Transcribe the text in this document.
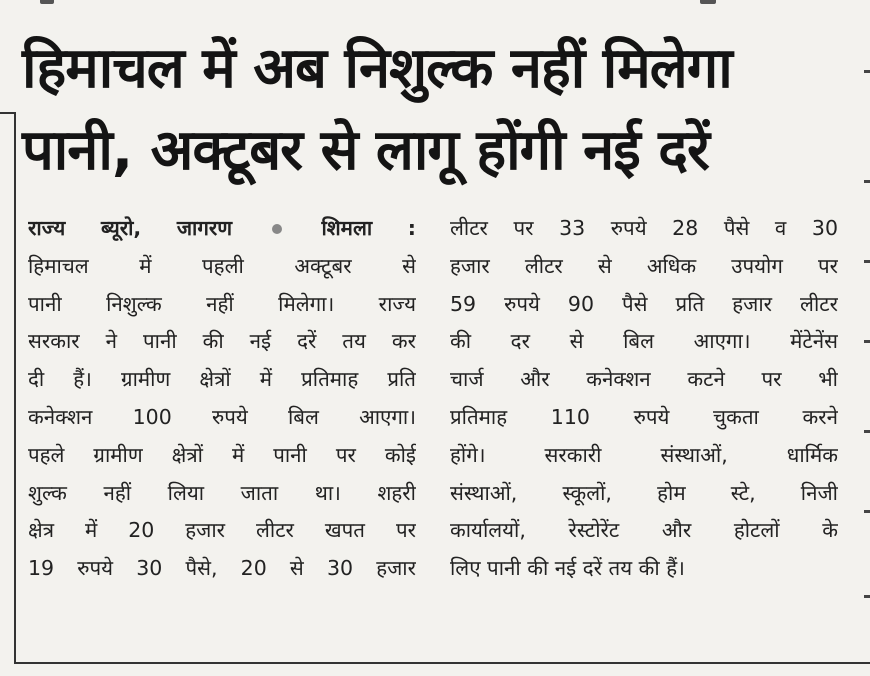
हिमाचल में अब निशुल्क नहीं मिलेगा
पानी, अक्टूबर से लागू होंगी नई दरें
राज्य ब्यूरो, जागरण	शिमला :
हिमाचल में पहली अक्टूबर से
पानी निशुल्क नहीं मिलेगा। राज्य
सरकार ने पानी की नई दरें तय कर
दी हैं। ग्रामीण क्षेत्रों में प्रतिमाह प्रति
कनेक्शन 100 रुपये बिल आएगा।
पहले ग्रामीण क्षेत्रों में पानी पर कोई
शुल्क नहीं लिया जाता था। शहरी
क्षेत्र में 20 हजार लीटर खपत पर
19 रुपये 30 पैसे, 20 से 30 हजार
लीटर पर 33 रुपये 28 पैसे व 30
हजार लीटर से अधिक उपयोग पर
59 रुपये 90 पैसे प्रति हजार लीटर
की दर से बिल आएगा। मेंटेनेंस
चार्ज और कनेक्शन कटने पर भी
प्रतिमाह 110 रुपये चुकता करने
होंगे। सरकारी संस्थाओं, धार्मिक
संस्थाओं, स्कूलों, होम स्टे, निजी
कार्यालयों, रेस्टोरेंट और होटलों के
लिए पानी की नई दरें तय की हैं।
